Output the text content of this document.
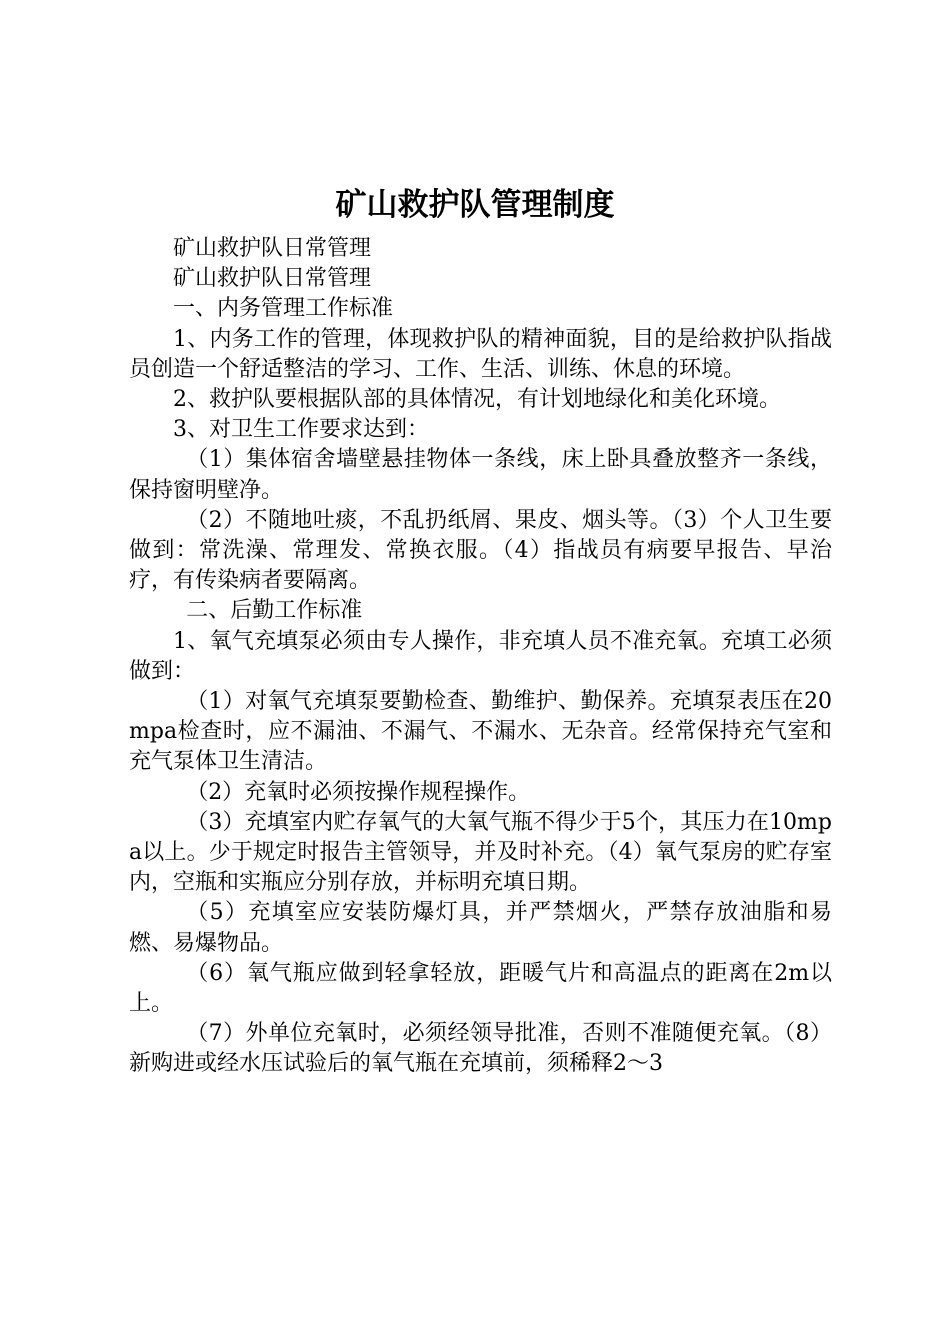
矿山救护队管理制度

矿山救护队日常管理

矿山救护队日常管理

一、内务管理工作标准

1、内务工作的管理，体现救护队的精神面貌，目的是给救护队指战员创造一个舒适整洁的学习、工作、生活、训练、休息的环境。

2、救护队要根据队部的具体情况，有计划地绿化和美化环境。

3、对卫生工作要求达到：

（1）集体宿舍墙壁悬挂物体一条线，床上卧具叠放整齐一条线，保持窗明壁净。

（2）不随地吐痰，不乱扔纸屑、果皮、烟头等。（3）个人卫生要做到：常洗澡、常理发、常换衣服。（4）指战员有病要早报告、早治疗，有传染病者要隔离。

二、后勤工作标准

1、氧气充填泵必须由专人操作，非充填人员不准充氧。充填工必须做到：

（1）对氧气充填泵要勤检查、勤维护、勤保养。充填泵表压在20mpa检查时，应不漏油、不漏气、不漏水、无杂音。经常保持充气室和充气泵体卫生清洁。

（2）充氧时必须按操作规程操作。

（3）充填室内贮存氧气的大氧气瓶不得少于5个，其压力在10mpa以上。少于规定时报告主管领导，并及时补充。（4）氧气泵房的贮存室内，空瓶和实瓶应分别存放，并标明充填日期。

（5）充填室应安装防爆灯具，并严禁烟火，严禁存放油脂和易燃、易爆物品。

（6）氧气瓶应做到轻拿轻放，距暖气片和高温点的距离在2m以上。

（7）外单位充氧时，必须经领导批准，否则不准随便充氧。（8）新购进或经水压试验后的氧气瓶在充填前，须稀释2～3
